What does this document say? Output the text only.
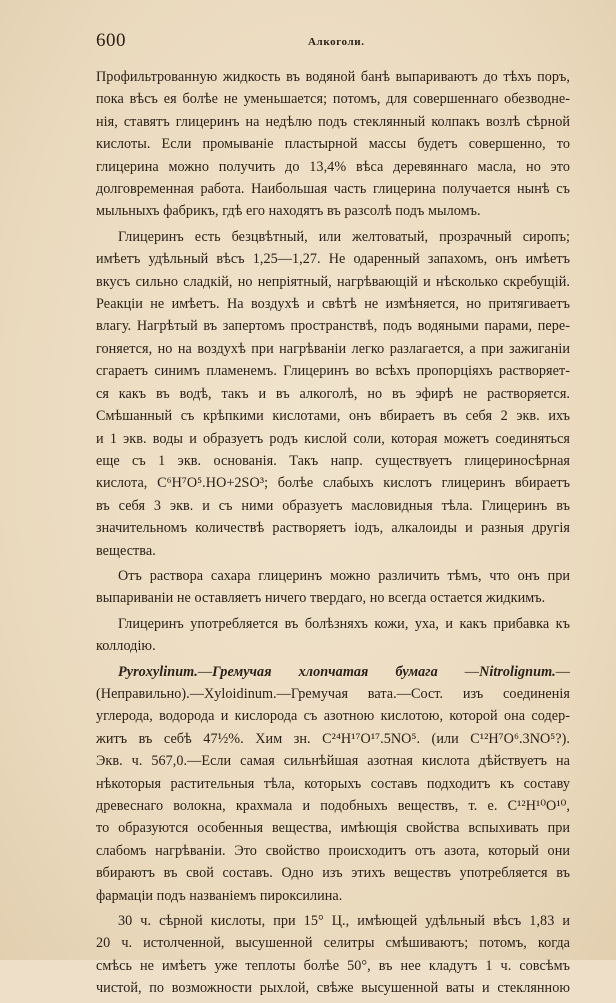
600	Алкоголи.

Профильтрованную жидкость въ водяной банѣ выпариваютъ до тѣхъ поръ,
пока вѣсъ ея болѣе не уменьшается; потомъ, для совершеннаго обезводне-
нія, ставятъ глицеринъ на недѣлю подъ стеклянный колпакъ возлѣ сѣрной
кислоты. Если промываніе пластырной массы будетъ совершенно, то
глицерина можно получить до 13,4% вѣса деревяннаго масла, но это
долговременная работа. Наибольшая часть глицерина получается нынѣ съ
мыльныхъ фабрикъ, гдѣ его находятъ въ разсолѣ подъ мыломъ.

Глицеринъ есть безцвѣтный, или желтоватый, прозрачный сиропъ;
имѣетъ удѣльный вѣсъ 1,25—1,27. Не одаренный запахомъ, онъ имѣетъ
вкусъ сильно сладкій, но непріятный, нагрѣвающій и нѣсколько скребущій.
Реакціи не имѣетъ. На воздухѣ и свѣтѣ не измѣняется, но притягиваетъ
влагу. Нагрѣтый въ запертомъ пространствѣ, подъ водяными парами, пере-
гоняется, но на воздухѣ при нагрѣваніи легко разлагается, а при зажиганіи
сгараетъ синимъ пламенемъ. Глицеринъ во всѣхъ пропорціяхъ растворяет-
ся какъ въ водѣ, такъ и въ алкоголѣ, но въ эфирѣ не растворяется.
Смѣшанный съ крѣпкими кислотами, онъ вбираетъ въ себя 2 экв. ихъ
и 1 экв. воды и образуетъ родъ кислой соли, которая можетъ соединяться
еще съ 1 экв. основанія. Такъ напр. существуетъ глицериносѣрная
кислота, C⁶H⁷O⁵.HO+2SO³; болѣе слабыхъ кислотъ глицеринъ вбираетъ
въ себя 3 экв. и съ ними образуетъ масловидныя тѣла. Глицеринъ въ
значительномъ количествѣ растворяетъ іодъ, алкалоиды и разныя другія
вещества.

Отъ раствора сахара глицеринъ можно различить тѣмъ, что онъ при
выпариваніи не оставляетъ ничего твердаго, но всегда остается жидкимъ.

Глицеринъ употребляется въ болѣзняхъ кожи, уха, и какъ прибавка къ
коллодію.

Pyroxylinum.—Гремучая хлопчатая бумага —Nitrolignum.—
(Неправильно).—Xyloidinum.—Гремучая вата.—Сост. изъ соединенія
углерода, водорода и кислорода съ азотною кислотою, которой она содер-
житъ въ себѣ 47½%. Хим зн. C²⁴H¹⁷O¹⁷.5NO⁵. (или C¹²H⁷O⁶.3NO⁵?).
Экв. ч. 567,0.—Если самая сильнѣйшая азотная кислота дѣйствуетъ на
нѣкоторыя растительныя тѣла, которыхъ составъ подходитъ къ составу
древеснаго волокна, крахмала и подобныхъ веществъ, т. е. C¹²H¹⁰O¹⁰,
то образуются особенныя вещества, имѣющія свойства вспыхивать при
слабомъ нагрѣваніи. Это свойство происходитъ отъ азота, который они
вбираютъ въ свой составъ. Одно изъ этихъ веществъ употребляется въ
фармаціи подъ названіемъ пироксилина.

30 ч. сѣрной кислоты, при 15° Ц., имѣющей удѣльный вѣсъ 1,83 и
20 ч. истолченной, высушенной селитры смѣшиваютъ; потомъ, когда
смѣсь не имѣетъ уже теплоты болѣе 50°, въ нее кладутъ 1 ч. совсѣмъ
чистой, по возможности рыхлой, свѣже высушенной ваты и стеклянною
